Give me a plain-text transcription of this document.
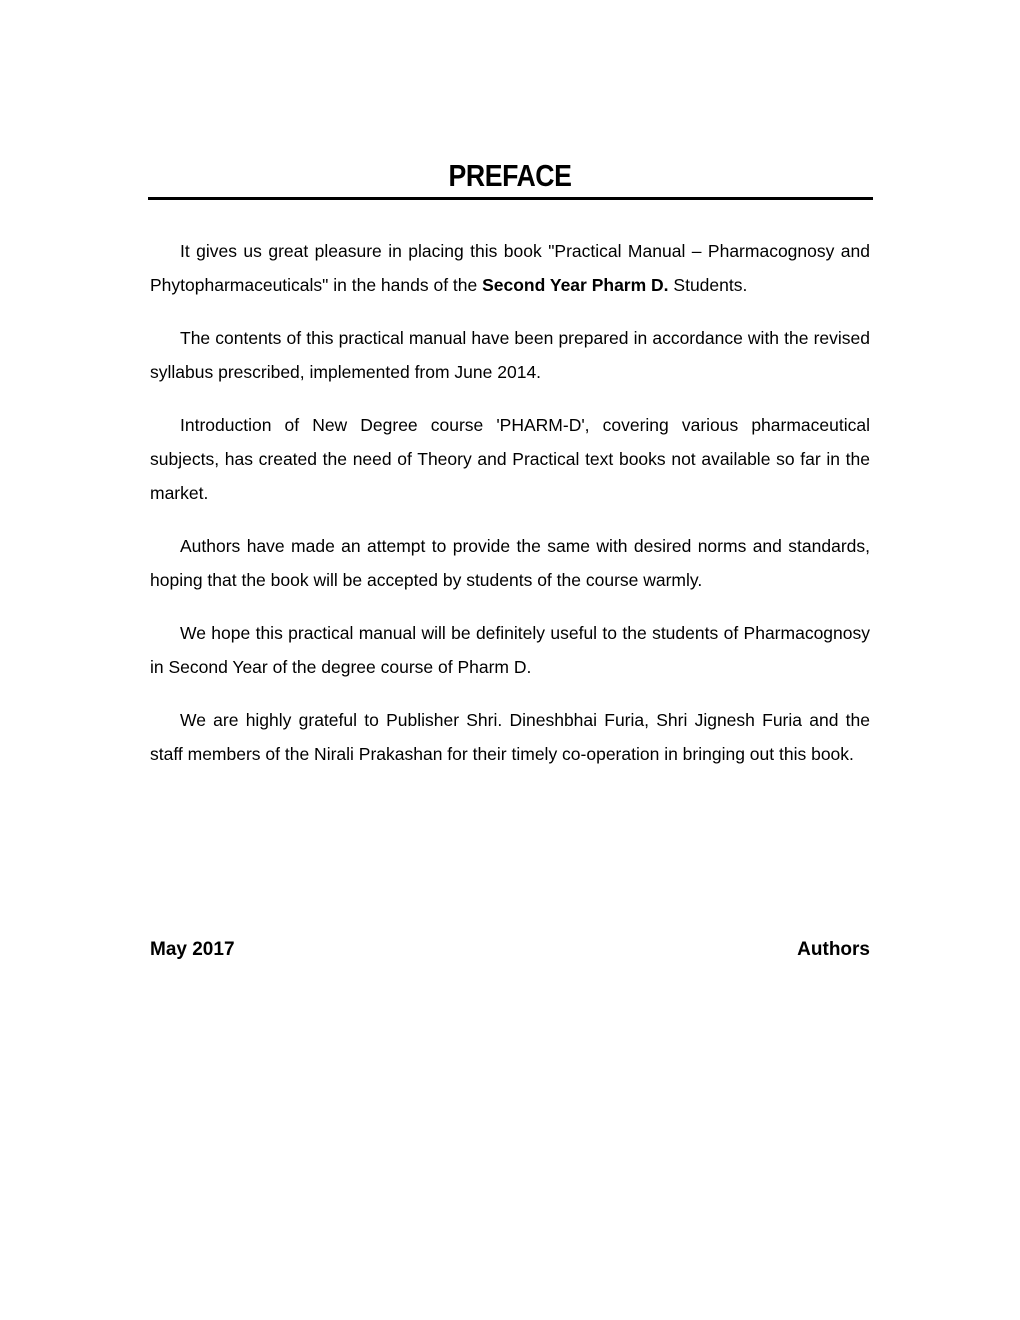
PREFACE

It gives us great pleasure in placing this book "Practical Manual – Pharmacognosy and Phytopharmaceuticals" in the hands of the Second Year Pharm D. Students.

The contents of this practical manual have been prepared in accordance with the revised syllabus prescribed, implemented from June 2014.

Introduction of New Degree course 'PHARM-D', covering various pharmaceutical subjects, has created the need of Theory and Practical text books not available so far in the market.

Authors have made an attempt to provide the same with desired norms and standards, hoping that the book will be accepted by students of the course warmly.

We hope this practical manual will be definitely useful to the students of Pharmacognosy in Second Year of the degree course of Pharm D.

We are highly grateful to Publisher Shri. Dineshbhai Furia, Shri Jignesh Furia and the staff members of the Nirali Prakashan for their timely co-operation in bringing out this book.

May 2017	Authors
